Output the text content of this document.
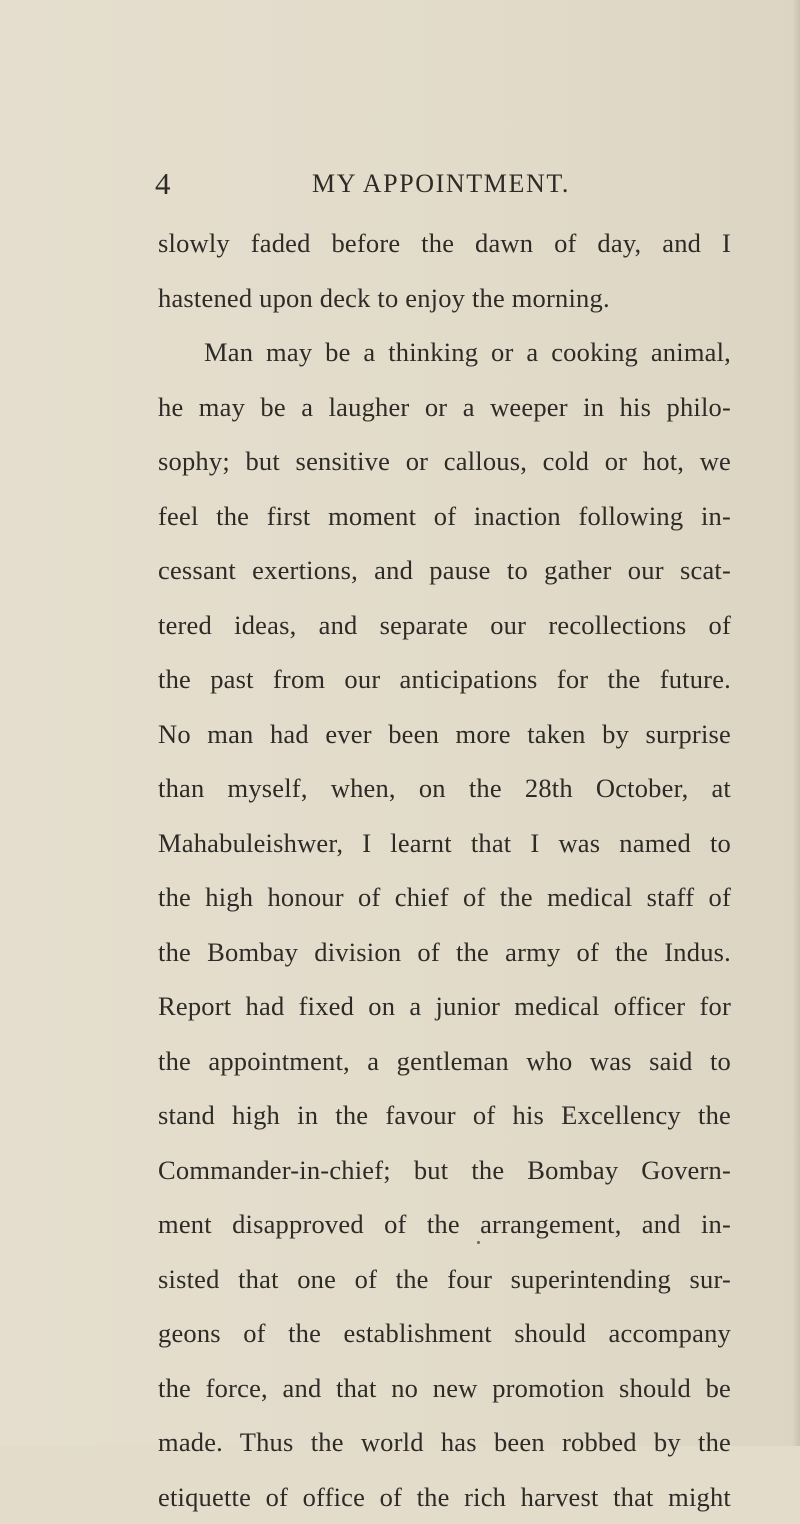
4	MY APPOINTMENT.
slowly faded before the dawn of day, and I
hastened upon deck to enjoy the morning.
Man may be a thinking or a cooking animal,
he may be a laugher or a weeper in his philo-
sophy; but sensitive or callous, cold or hot, we
feel the first moment of inaction following in-
cessant exertions, and pause to gather our scat-
tered ideas, and separate our recollections of
the past from our anticipations for the future.
No man had ever been more taken by surprise
than myself, when, on the 28th October, at
Mahabuleishwer, I learnt that I was named to
the high honour of chief of the medical staff of
the Bombay division of the army of the Indus.
Report had fixed on a junior medical officer for
the appointment, a gentleman who was said to
stand high in the favour of his Excellency the
Commander-in-chief; but the Bombay Govern-
ment disapproved of the arrangement, and in-
sisted that one of the four superintending sur-
geons of the establishment should accompany
the force, and that no new promotion should be
made. Thus the world has been robbed by the
etiquette of office of the rich harvest that might
